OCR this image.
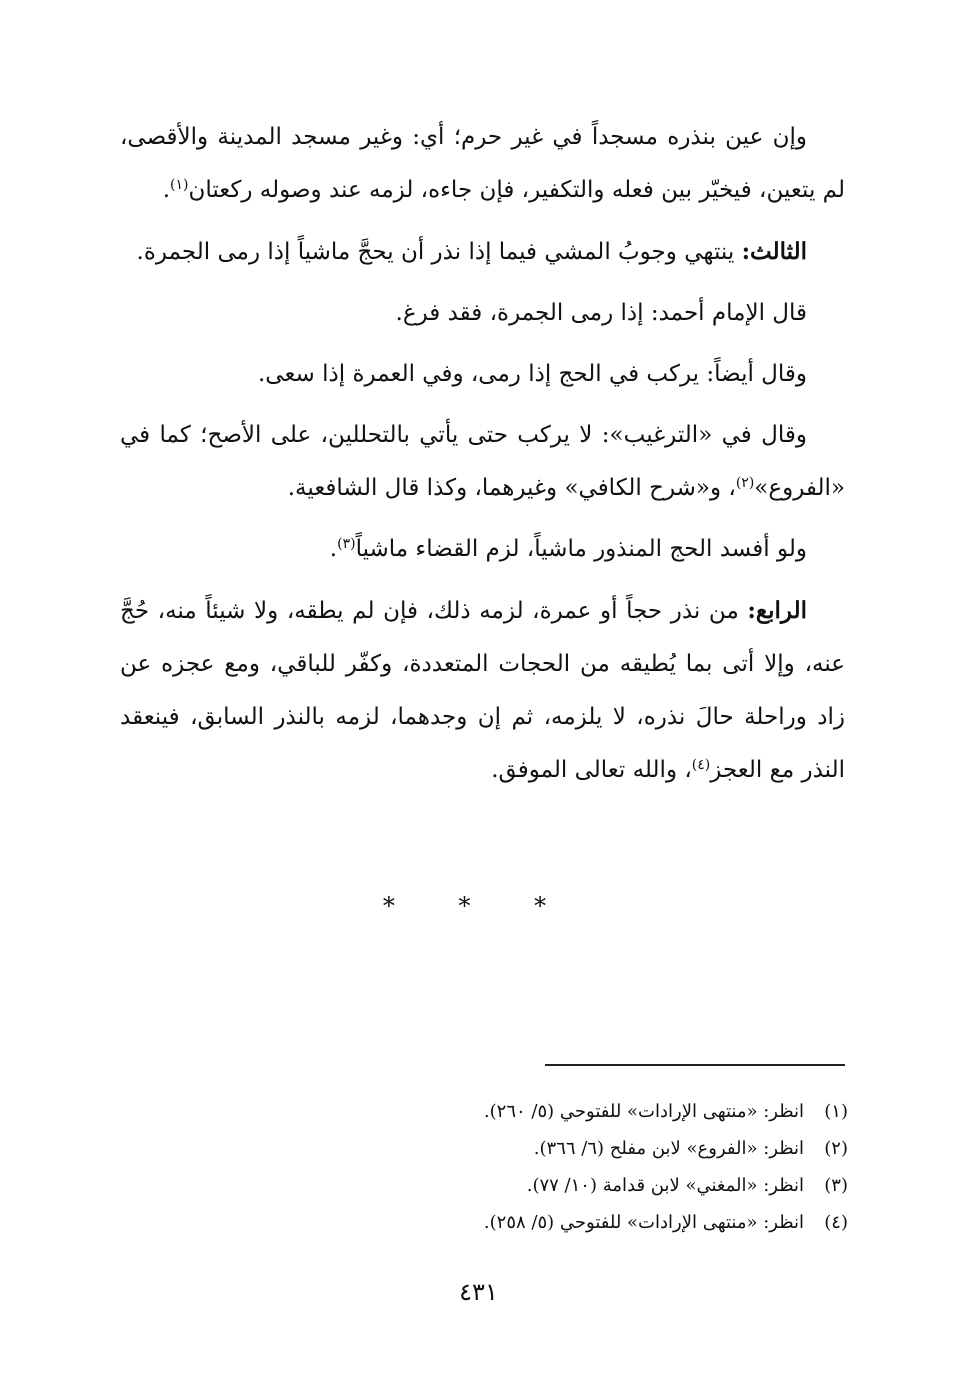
وإن عين بنذره مسجداً في غير حرم؛ أي: وغير مسجد المدينة والأقصى، لم يتعين، فيخيّر بين فعله والتكفير، فإن جاءه، لزمه عند وصوله ركعتان$^{(١)}$.

الثالث: ينتهي وجوبُ المشي فيما إذا نذر أن يحجَّ ماشياً إذا رمى الجمرة.

قال الإمام أحمد: إذا رمى الجمرة، فقد فرغ.

وقال أيضاً: يركب في الحج إذا رمى، وفي العمرة إذا سعى.

وقال في «الترغيب»: لا يركب حتى يأتي بالتحللين، على الأصح؛ كما في «الفروع»$^{(٢)}$، و«شرح الكافي» وغيرهما، وكذا قال الشافعية.

ولو أفسد الحج المنذور ماشياً، لزم القضاء ماشياً$^{(٣)}$.

الرابع: من نذر حجاً أو عمرة، لزمه ذلك، فإن لم يطقه، ولا شيئاً منه، حُجَّ عنه، وإلا أتى بما يُطيقه من الحجات المتعددة، وكفّر للباقي، ومع عجزه عن زاد وراحلة حالَ نذره، لا يلزمه، ثم إن وجدهما، لزمه بالنذر السابق، فينعقد النذر مع العجز$^{(٤)}$، والله تعالى الموفق.

* * *
(١)
انظر: «منتهى الإرادات» للفتوحي (٥/ ٢٦٠).
(٢)
انظر: «الفروع» لابن مفلح (٦/ ٣٦٦).
(٣)
انظر: «المغني» لابن قدامة (١٠/ ٧٧).
(٤)
انظر: «منتهى الإرادات» للفتوحي (٥/ ٢٥٨).
٤٣١
